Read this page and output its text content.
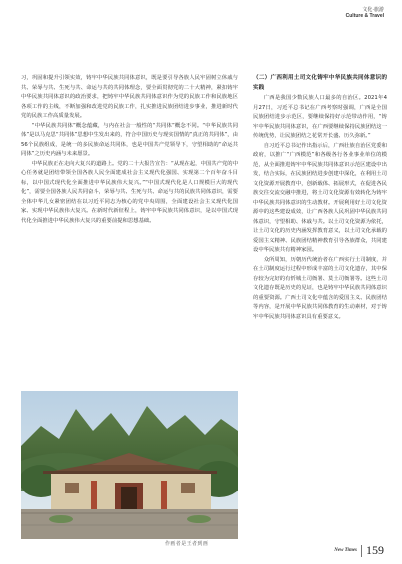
文化·旅游
Culture & Travel

习，巩固和提升引领实效，铸牢中华民族共同体意识，既是要引导各族人民牢固树立休戚与共、荣辱与共、生死与共、命运与共的共同体理念，要全面贯彻党的二十大精神，紧扣铸牢中华民族共同体意识的政治要求，把铸牢中华民族共同体意识作为党的民族工作和民族地区各项工作的主线，不断加强和改进党的民族工作，扎实推进民族团结进步事业，推进新时代党的民族工作高质量发展。

“中华民族共同体”概念蕴藏，与内在社会一般性的“共同体”概念不同。“中华民族共同体”是以马克思“共同体”思想中生发出来的，符合中国历史与现实国情的“真正的共同体”，由56个民族组成，是统一的多民族命运共同体，也是中国共产党领导下，守望相助的“命运共同体”之历史内涵与未来愿景。

中华民族正在走向大复兴的道路上。党的二十大报告宣告：“从现在起，中国共产党的中心任务就是团结带领全国各族人民全面建成社会主义现代化强国、实现第二个百年奋斗目标，以中国式现代化全面推进中华民族伟大复兴。”“中国式现代化是人口规模巨大的现代化”，需要全国各族人民共同奋斗，荣辱与共、生死与共、命运与共的民族共同体意识，需要全体中华儿女紧密团结在以习近平同志为核心的党中央周围，全面建设社会主义现代化国家、实现中华民族伟大复兴。在新时代新征程上，铸牢中华民族共同体意识，是以中国式现代化全面推进中华民族伟大复兴的重要前提和思想基础。

作画者是王者到画
（二）广西利用土司文化铸牢中华民族共同体意识的实践

广西是我国少数民族人口最多的自治区。2021年4月27日，习近平总书记在广西考察时强调，广西是全国民族团结进步示范区，要继续保持好示范带动作用，“铸牢中华民族共同体意识，在广西要继续保持民族团结这一传统优势，让民族团结之花常开长盛、历久弥新。”

自习近平总书记作出指示后，广西壮族自治区党委和政府，以推广“广西模范”和各级各行各业事业单位的模范，从全面推进铸牢中华民族共同体意识示范区建设中出发，结合实际，在民族团结进步创建中深化，在利用土司文化资源开展教育中，创新载体、拓展形式，在促进各民族交往交流交融中推进，将土司文化资源有效转化为铸牢中华民族共同体意识的生动教材。开展利用好土司文化资源中的这些建设成效，让广西各族人民巩固中华民族共同体意识，守望相助、休戚与共。以土司文化资源为依托，让土司文化的历史内涵发挥教育意义，以土司文化承载的爱国主义精神、民族团结精神教育引导各族群众，共同建设中华民族共有精神家园。

众所周知，历朝历代统治者在广西实行土司制度，并在土司制度运行过程中形成丰富的土司文化遗存，其中保存较为完好的有忻城土司衙署、莫土司衙署等。这些土司文化遗存既是历史的见证，也是铸牢中华民族共同体意识的重要资源。广西土司文化中蕴含的爱国主义、民族团结等内容，是开展中华民族共同体教育的生动素材，对于铸牢中华民族共同体意识具有重要意义。

New Times 159
